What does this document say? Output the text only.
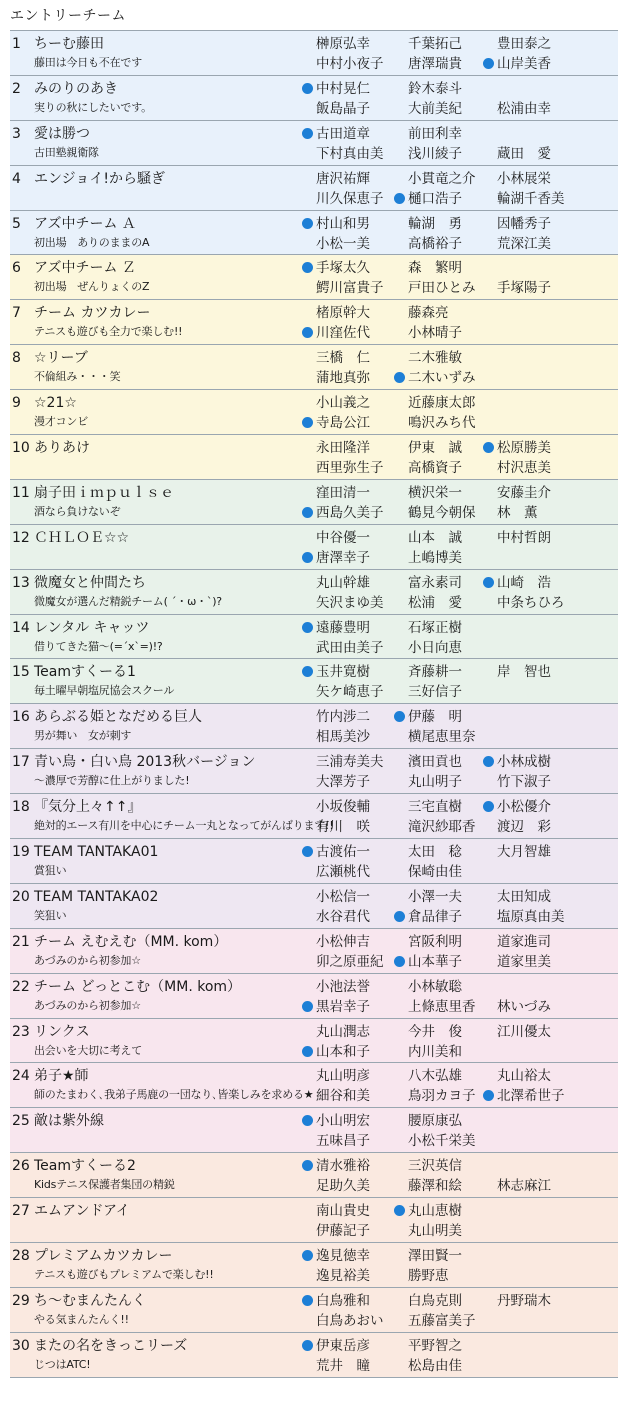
エントリーチーム
1 ちーむ藤田
藤田は今日も不在です
榊原弘幸	千葉拓己	豊田泰之
中村小夜子 唐澤瑞貴	山岸美香
2 みのりのあき
実りの秋にしたいです。
中村晃仁	鈴木泰斗
飯島晶子	大前美紀	松浦由幸
3 愛は勝つ
古田塾親衛隊
古田道章	前田利幸
下村真由美 浅川綾子	蔵田　愛
4 エンジョイ!から騒ぎ	唐沢祐輝	小貫竜之介 小林展栄
川久保恵子 樋口浩子	輪湖千香美
5 アズ中チーム Ａ
初出場　ありのままのA
村山和男	輪湖　勇	因幡秀子
小松一美	高橋裕子	荒深江美
6 アズ中チーム Ｚ
初出場　ぜんりょくのZ
手塚太久	森　繁明
鰐川富貴子 戸田ひとみ 手塚陽子
7 チーム カツカレー
テニスも遊びも全力で楽しむ!!
楮原幹大	藤森亮
川窪佐代	小林晴子
8 ☆リーブ
不倫組み・・・笑
三橋　仁	二木雅敏
蒲地真弥	二木いずみ
9 ☆21☆
漫才コンビ
小山義之	近藤康太郎
寺島公江	鳴沢みち代
10 ありあけ	永田隆洋	伊東　誠	松原勝美
西里弥生子 高橋資子	村沢恵美
11 扇子田ｉｍｐｕｌｓｅ
酒なら負けないぞ
窪田清一	横沢栄一	安藤圭介
西島久美子 鶴見今朝保 林　薫
12 ＣＨＬＯＥ☆☆	中谷優一	山本　誠	中村哲朗
唐澤幸子	上嶋博美
13 微魔女と仲間たち
微魔女が選んだ精鋭チーム( ´・ω・`)?
丸山幹雄	富永素司	山崎　浩
矢沢まゆ美 松浦　愛	中条ちひろ
14 レンタル キャッツ
借りてきた猫〜(=´x`=)!?
遠藤豊明	石塚正樹
武田由美子 小日向恵
15 Teamすくーる1
毎土曜早朝塩尻協会スクール
玉井寛樹	斉藤耕一	岸　智也
矢ケ崎恵子 三好信子
16 あらぶる姫となだめる巨人
男が舞い　女が刺す
竹内涉二	伊藤　明
相馬美沙	横尾恵里奈
17 青い鳥・白い鳥 2013秋バージョン
〜濃厚で芳醇に仕上がりました!
三浦寿美夫 濱田貢也	小林成樹
大澤芳子	丸山明子	竹下淑子
18 『気分上々↑↑』
絶対的エース有川を中心にチーム一丸となってがんばります!!
小坂俊輔	三宅直樹	小松優介
有川　咲	滝沢紗耶香 渡辺　彩
19 TEAM TANTAKA01
賞狙い
古渡佑一	太田　稔	大月智雄
広瀬桃代	保崎由佳
20 TEAM TANTAKA02
笑狙い
小松信一	小澤一夫	太田知成
水谷君代	倉品律子	塩原真由美
21 チーム えむえむ（MM. kom）
あづみのから初参加☆
小松伸吉	宮阪利明	道家進司
卯之原亜紀 山本華子	道家里美
22 チーム どっとこむ（MM. kom）
あづみのから初参加☆
小池法誉	小林敏聡
黒岩幸子	上條恵里香 林いづみ
23 リンクス
出会いを大切に考えて
丸山潤志	今井　俊	江川優太
山本和子	内川美和
24 弟子★師
師のたまわく､我弟子馬鹿の一団なり､皆楽しみを求める★
丸山明彦	八木弘雄	丸山裕太
細谷和美	鳥羽カヨ子 北澤希世子
25 敵は紫外線	小山明宏	腰原康弘
五味昌子	小松千栄美
26 Teamすくーる2
Kidsテニス保護者集団の精鋭
清水雅裕	三沢英信
足助久美	藤澤和絵	林志麻江
27 エムアンドアイ	南山貴史	丸山恵樹
伊藤記子	丸山明美
28 プレミアムカツカレー
テニスも遊びもプレミアムで楽しむ!!
逸見徳幸	澤田賢一
逸見裕美	勝野恵
29 ち〜むまんたんく
やる気まんたんく!!
白鳥雅和	白鳥克則	丹野瑞木
白鳥あおい 五藤富美子
30 またの名をきっこリーズ
じつはATC!
伊東岳彦	平野智之
荒井　瞳	松島由佳
